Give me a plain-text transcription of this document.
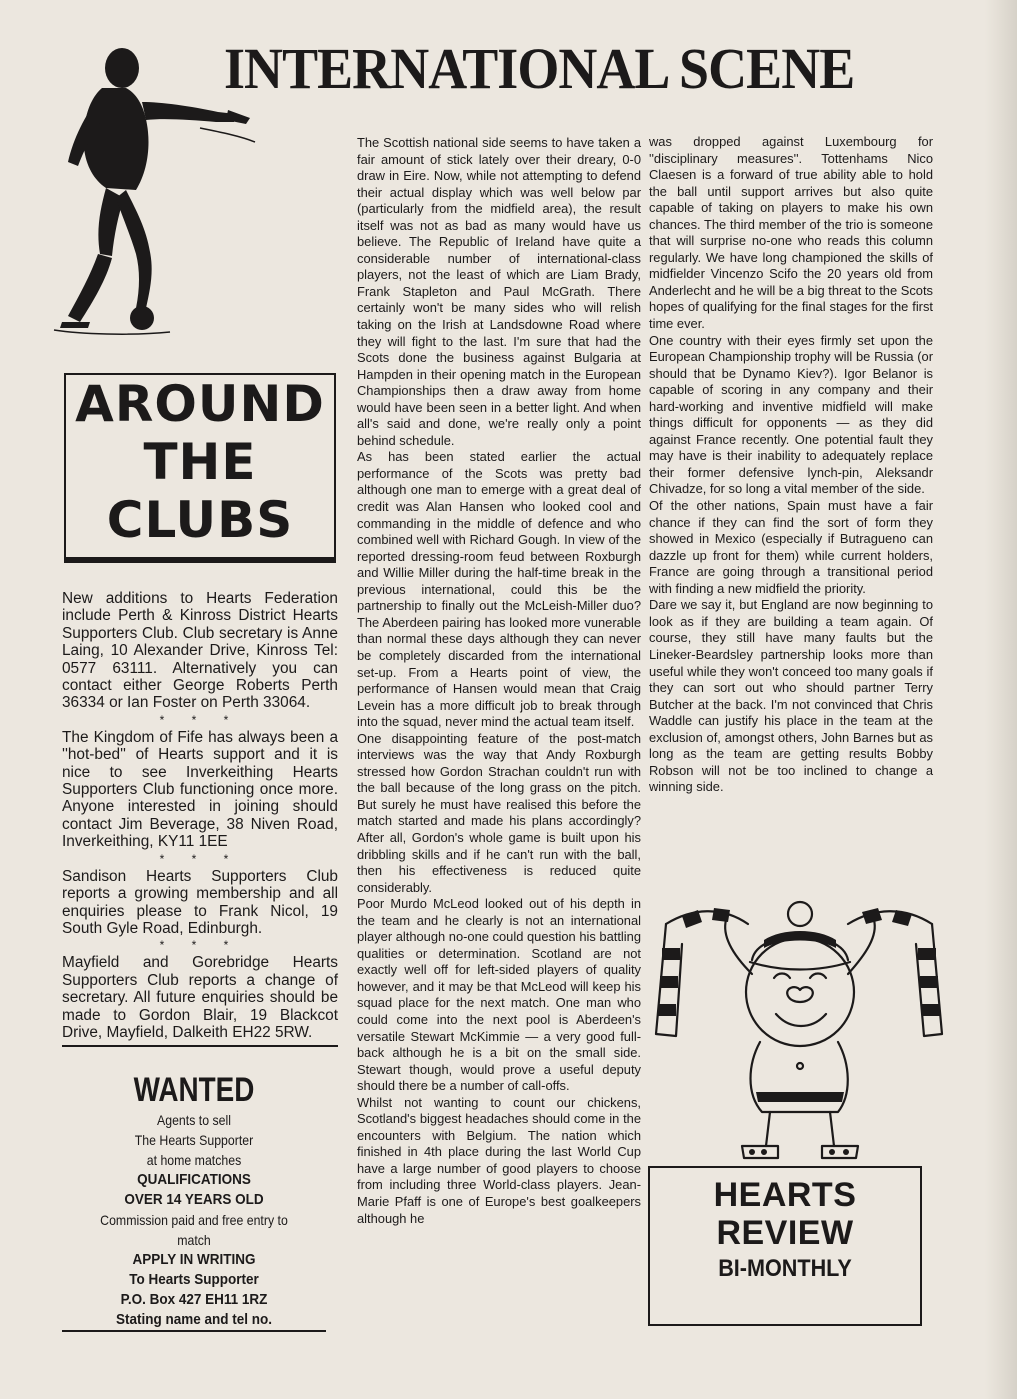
INTERNATIONAL SCENE
AROUND
THE
CLUBS

New additions to Hearts Federation include Perth & Kinross District Hearts Supporters Club. Club secretary is Anne Laing, 10 Alexander Drive, Kinross Tel: 0577 63111. Alternatively you can contact either George Roberts Perth 36334 or Ian Foster on Perth 33064.

* * *

The Kingdom of Fife has always been a ''hot-bed'' of Hearts support and it is nice to see Inverkeithing Hearts Supporters Club functioning once more. Anyone interested in joining should contact Jim Beverage, 38 Niven Road, Inverkeithing, KY11 1EE

* * *

Sandison Hearts Supporters Club reports a growing membership and all enquiries please to Frank Nicol, 19 South Gyle Road, Edinburgh.

* * *

Mayfield and Gorebridge Hearts Supporters Club reports a change of secretary. All future enquiries should be made to Gordon Blair, 19 Blackcot Drive, Mayfield, Dalkeith EH22 5RW.

WANTED
Agents to sell
The Hearts Supporter
at home matches
QUALIFICATIONS
OVER 14 YEARS OLD
Commission paid and free entry to
match
APPLY IN WRITING
To Hearts Supporter
P.O. Box 427 EH11 1RZ
Stating name and tel no.

The Scottish national side seems to have taken a fair amount of stick lately over their dreary, 0-0 draw in Eire. Now, while not attempting to defend their actual display which was well below par (particularly from the midfield area), the result itself was not as bad as many would have us believe. The Republic of Ireland have quite a considerable number of international-class players, not the least of which are Liam Brady, Frank Stapleton and Paul McGrath. There certainly won't be many sides who will relish taking on the Irish at Landsdowne Road where they will fight to the last. I'm sure that had the Scots done the business against Bulgaria at Hampden in their opening match in the European Championships then a draw away from home would have been seen in a better light. And when all's said and done, we're really only a point behind schedule.

As has been stated earlier the actual performance of the Scots was pretty bad although one man to emerge with a great deal of credit was Alan Hansen who looked cool and commanding in the middle of defence and who combined well with Richard Gough. In view of the reported dressing-room feud between Roxburgh and Willie Miller during the half-time break in the previous international, could this be the partnership to finally out the McLeish-Miller duo? The Aberdeen pairing has looked more vunerable than normal these days although they can never be completely discarded from the international set-up. From a Hearts point of view, the performance of Hansen would mean that Craig Levein has a more difficult job to break through into the squad, never mind the actual team itself.

One disappointing feature of the post-match interviews was the way that Andy Roxburgh stressed how Gordon Strachan couldn't run with the ball because of the long grass on the pitch. But surely he must have realised this before the match started and made his plans accordingly? After all, Gordon's whole game is built upon his dribbling skills and if he can't run with the ball, then his effectiveness is reduced quite considerably.

Poor Murdo McLeod looked out of his depth in the team and he clearly is not an international player although no-one could question his battling qualities or determination. Scotland are not exactly well off for left-sided players of quality however, and it may be that McLeod will keep his squad place for the next match. One man who could come into the next pool is Aberdeen's versatile Stewart McKimmie — a very good full-back although he is a bit on the small side. Stewart though, would prove a useful deputy should there be a number of call-offs.

Whilst not wanting to count our chickens, Scotland's biggest headaches should come in the encounters with Belgium. The nation which finished in 4th place during the last World Cup have a large number of good players to choose from including three World-class players. Jean-Marie Pfaff is one of Europe's best goalkeepers although he

was dropped against Luxembourg for ''disciplinary measures''. Tottenhams Nico Claesen is a forward of true ability able to hold the ball until support arrives but also quite capable of taking on players to make his own chances. The third member of the trio is someone that will surprise no-one who reads this column regularly. We have long championed the skills of midfielder Vincenzo Scifo the 20 years old from Anderlecht and he will be a big threat to the Scots hopes of qualifying for the final stages for the first time ever.

One country with their eyes firmly set upon the European Championship trophy will be Russia (or should that be Dynamo Kiev?). Igor Belanor is capable of scoring in any company and their hard-working and inventive midfield will make things difficult for opponents — as they did against France recently. One potential fault they may have is their inability to adequately replace their former defensive lynch-pin, Aleksandr Chivadze, for so long a vital member of the side.

Of the other nations, Spain must have a fair chance if they can find the sort of form they showed in Mexico (especially if Butragueno can dazzle up front for them) while current holders, France are going through a transitional period with finding a new midfield the priority.

Dare we say it, but England are now beginning to look as if they are building a team again. Of course, they still have many faults but the Lineker-Beardsley partnership looks more than useful while they won't conceed too many goals if they can sort out who should partner Terry Butcher at the back. I'm not convinced that Chris Waddle can justify his place in the team at the exclusion of, amongst others, John Barnes but as long as the team are getting results Bobby Robson will not be too inclined to change a winning side.

HEARTS
REVIEW
BI-MONTHLY
